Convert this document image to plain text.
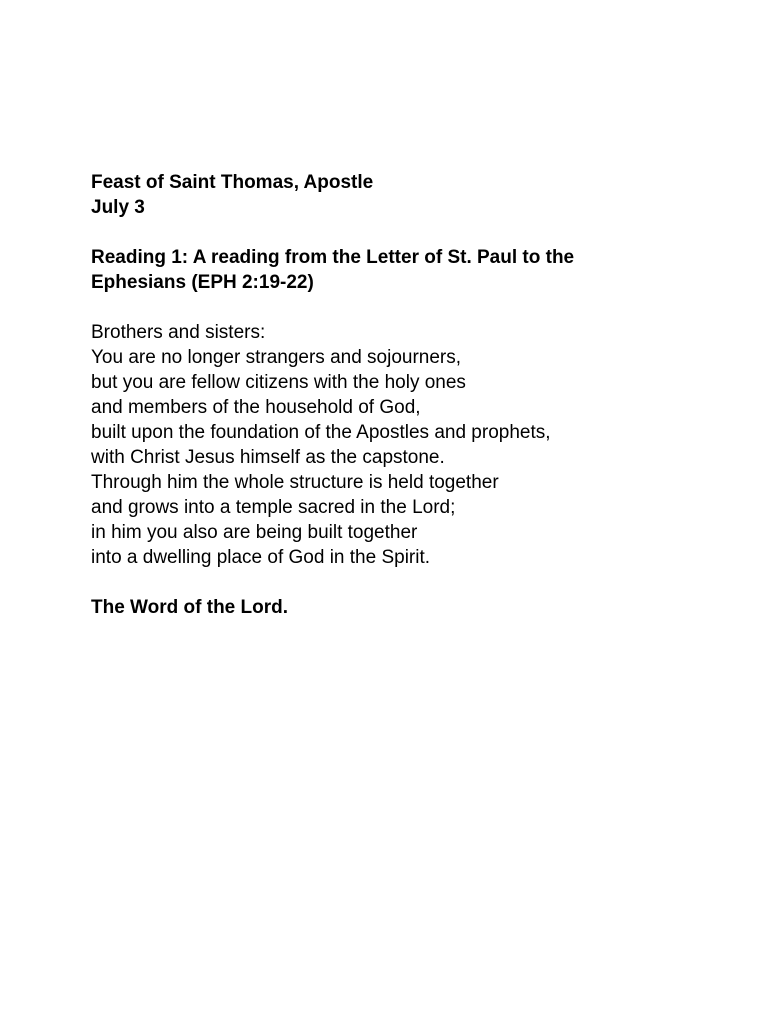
Feast of Saint Thomas, Apostle
July 3
Reading 1: A reading from the Letter of St. Paul to the
Ephesians (EPH 2:19-22)
Brothers and sisters:
You are no longer strangers and sojourners,
but you are fellow citizens with the holy ones
and members of the household of God,
built upon the foundation of the Apostles and prophets,
with Christ Jesus himself as the capstone.
Through him the whole structure is held together
and grows into a temple sacred in the Lord;
in him you also are being built together
into a dwelling place of God in the Spirit.
The Word of the Lord.
